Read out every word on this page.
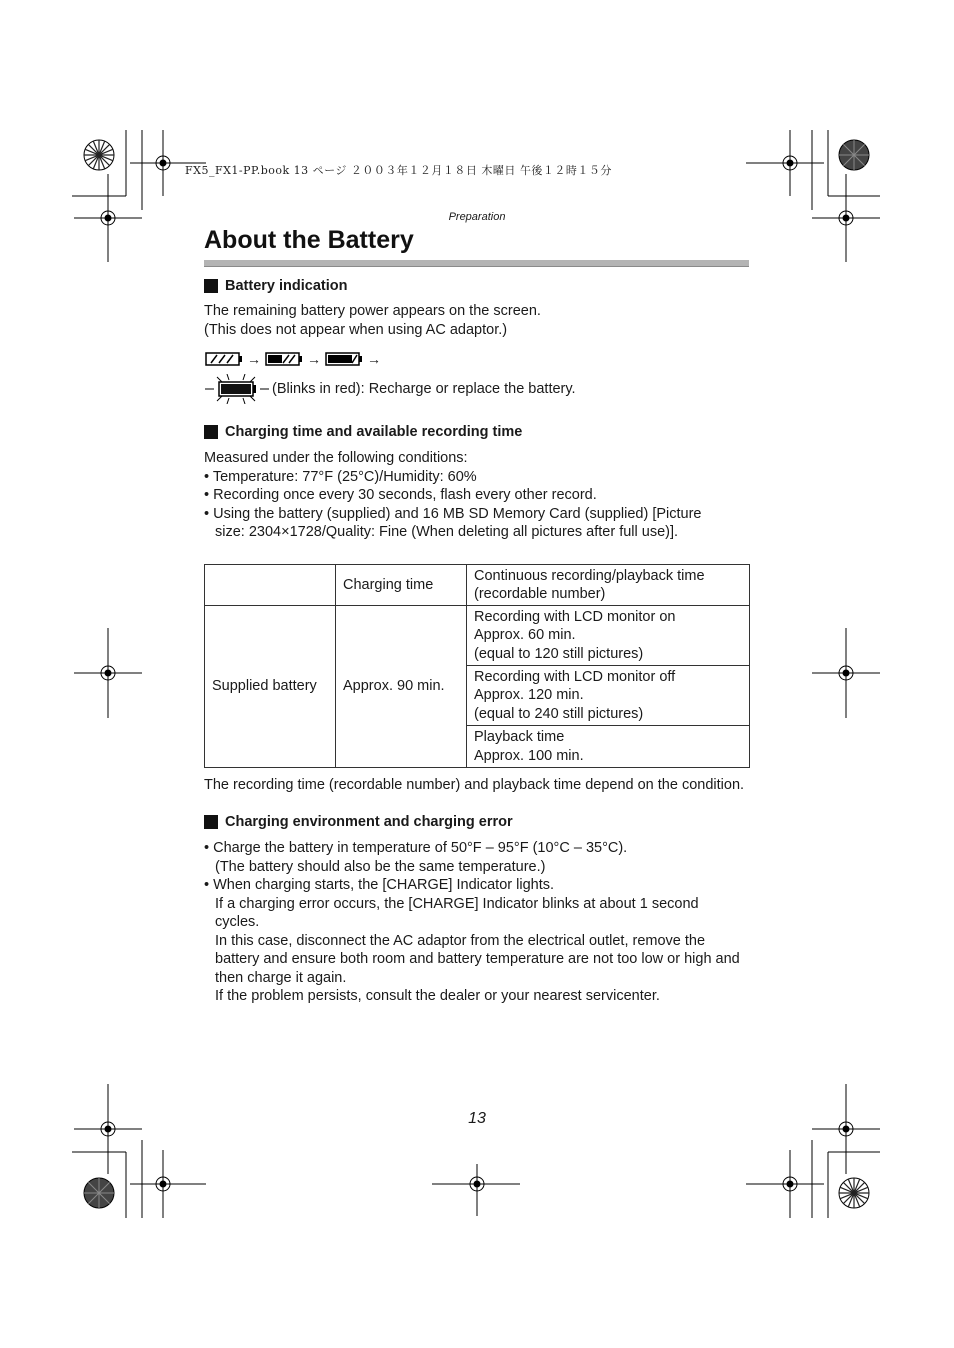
FX5_FX1-PP.book 13 ページ ２００３年１２月１８日 木曜日 午後１２時１５分
Preparation
About the Battery
Battery indication
The remaining battery power appears on the screen.
(This does not appear when using AC adaptor.)
→	→	→
(Blinks in red): Recharge or replace the battery.
Charging time and available recording time
Measured under the following conditions:
• Temperature: 77°F (25°C)/Humidity: 60%
• Recording once every 30 seconds, flash every other record.
• Using the battery (supplied) and 16 MB SD Memory Card (supplied) [Picture
size: 2304×1728/Quality: Fine (When deleting all pictures after full use)].
	Charging time	Continuous recording/playback time
(recordable number)

Supplied battery	Approx. 90 min.	Recording with LCD monitor on
Approx. 60 min.
(equal to 120 still pictures)

		Recording with LCD monitor off
Approx. 120 min.
(equal to 240 still pictures)

		Playback time
Approx. 100 min.
The recording time (recordable number) and playback time depend on the condition.
Charging environment and charging error
• Charge the battery in temperature of 50°F – 95°F (10°C – 35°C).
(The battery should also be the same temperature.)
• When charging starts, the [CHARGE] Indicator lights.
If a charging error occurs, the [CHARGE] Indicator blinks at about 1 second
cycles.
In this case, disconnect the AC adaptor from the electrical outlet, remove the
battery and ensure both room and battery temperature are not too low or high and
then charge it again.
If the problem persists, consult the dealer or your nearest servicenter.
13
